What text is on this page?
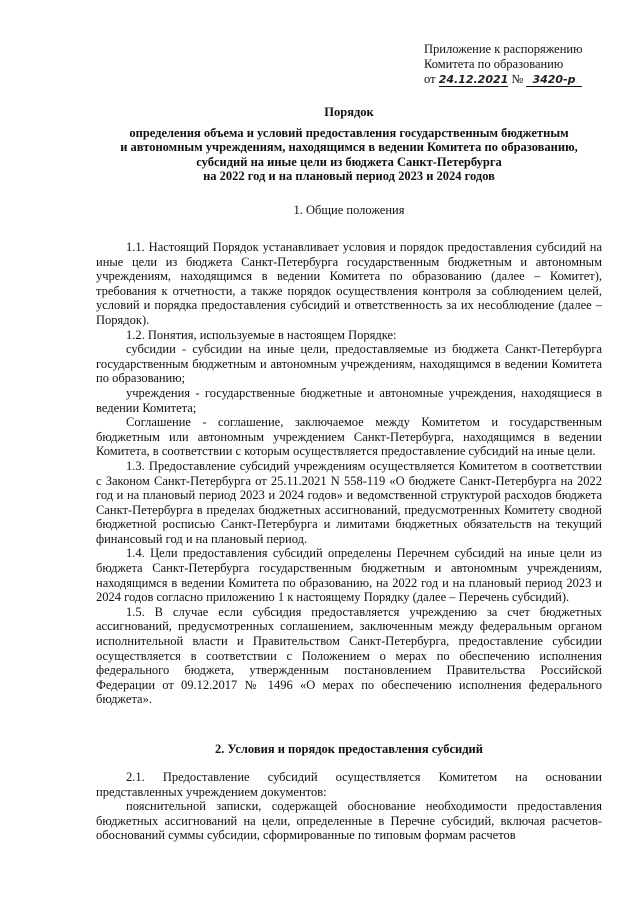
Приложение к распоряжению
Комитета по образованию
от 24.12.2021 № 3420-р
Порядок
определения объема и условий предоставления государственным бюджетным
и автономным учреждениям, находящимся в ведении Комитета по образованию,
субсидий на иные цели из бюджета Санкт-Петербурга
на 2022 год и на плановый период 2023 и 2024 годов
1. Общие положения

1.1. Настоящий Порядок устанавливает условия и порядок предоставления субсидий на иные цели из бюджета Санкт-Петербурга государственным бюджетным и автономным учреждениям, находящимся в ведении Комитета по образованию (далее – Комитет), требования к отчетности, а также порядок осуществления контроля за соблюдением целей, условий и порядка предоставления субсидий и ответственность за их несоблюдение (далее – Порядок).

1.2. Понятия, используемые в настоящем Порядке:

субсидии - субсидии на иные цели, предоставляемые из бюджета Санкт-Петербурга государственным бюджетным и автономным учреждениям, находящимся в ведении Комитета по образованию;

учреждения - государственные бюджетные и автономные учреждения, находящиеся в ведении Комитета;

Соглашение - соглашение, заключаемое между Комитетом и государственным бюджетным или автономным учреждением Санкт-Петербурга, находящимся в ведении Комитета, в соответствии с которым осуществляется предоставление субсидий на иные цели.

1.3. Предоставление субсидий учреждениям осуществляется Комитетом в соответствии с Законом Санкт-Петербурга от 25.11.2021 N 558-119 «О бюджете Санкт-Петербурга на 2022 год и на плановый период 2023 и 2024 годов» и ведомственной структурой расходов бюджета Санкт-Петербурга в пределах бюджетных ассигнований, предусмотренных Комитету сводной бюджетной росписью Санкт-Петербурга и лимитами бюджетных обязательств на текущий финансовый год и на плановый период.

1.4. Цели предоставления субсидий определены Перечнем субсидий на иные цели из бюджета Санкт-Петербурга государственным бюджетным и автономным учреждениям, находящимся в ведении Комитета по образованию, на 2022 год и на плановый период 2023 и 2024 годов согласно приложению 1 к настоящему Порядку (далее – Перечень субсидий).

1.5. В случае если субсидия предоставляется учреждению за счет бюджетных ассигнований, предусмотренных соглашением, заключенным между федеральным органом исполнительной власти и Правительством Санкт-Петербурга, предоставление субсидии осуществляется в соответствии с Положением о мерах по обеспечению исполнения федерального бюджета, утвержденным постановлением Правительства Российской Федерации от 09.12.2017 № 1496 «О мерах по обеспечению исполнения федерального бюджета».

2. Условия и порядок предоставления субсидий

2.1. Предоставление субсидий осуществляется Комитетом на основании представленных учреждением документов:

пояснительной записки, содержащей обоснование необходимости предоставления бюджетных ассигнований на цели, определенные в Перечне субсидий, включая расчетов-обоснований суммы субсидии, сформированные по типовым формам расчетов
